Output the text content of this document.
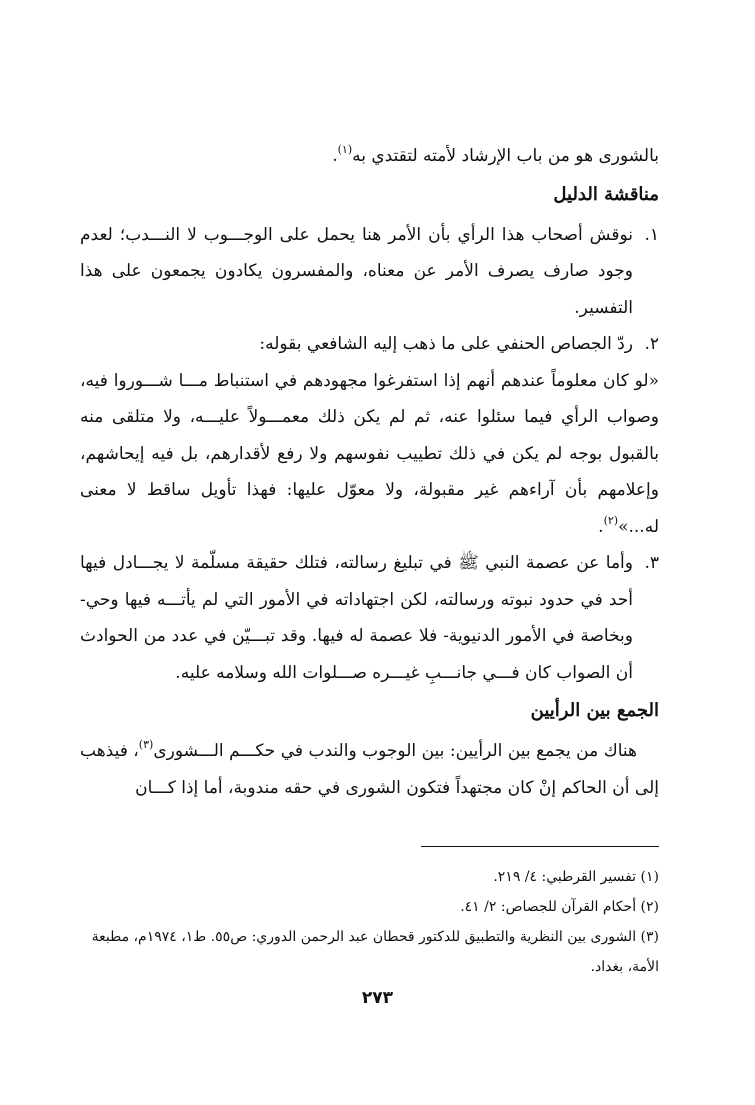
بالشورى هو من باب الإرشاد لأمته لتقتدي به$^{(١)}$.

مناقشة الدليل
١.
نوقش أصحاب هذا الرأي بأن الأمر هنا يحمل على الوجـــوب لا النـــدب؛ لعدم وجود صارف يصرف الأمر عن معناه، والمفسرون يكادون يجمعون على هذا التفسير.
٢.
ردّ الجصاص الحنفي على ما ذهب إليه الشافعي بقوله:

«لو كان معلوماً عندهم أنهم إذا استفرغوا مجهودهم في استنباط مـــا شـــوروا فيه، وصواب الرأي فيما سئلوا عنه، ثم لم يكن ذلك معمـــولاً عليـــه، ولا متلقى منه بالقبول بوجه لم يكن في ذلك تطييب نفوسهم ولا رفع لأقدارهم، بل فيه إيحاشهم، وإعلامهم بأن آراءهم غير مقبولة، ولا معوّل عليها: فهذا تأويل ساقط لا معنى له...»$^{(٢)}$.

٣.
وأما عن عصمة النبي ﷺ في تبليغ رسالته، فتلك حقيقة مسلّمة لا يجـــادل فيها أحد في حدود نبوته ورسالته، لكن اجتهاداته في الأمور التي لم يأتـــه فيها وحي- وبخاصة في الأمور الدنيوية- فلا عصمة له فيها. وقد تبـــيّن في عدد من الحوادث أن الصواب كان فـــي جانـــبِ غيـــره صـــلوات الله وسلامه عليه.
الجمع بين الرأيين

هناك من يجمع بين الرأيين: بين الوجوب والندب في حكـــم الـــشورى$^{(٣)}$، فيذهب إلى أن الحاكم إنْ كان مجتهداً فتكون الشورى في حقه مندوبة، أما إذا كـــان

(١) تفسير القرطبي: ٤/ ٢١٩.

(٢) أحكام القرآن للجصاص: ٢/ ٤١.

(٣) الشورى بين النظرية والتطبيق للدكتور قحطان عبد الرحمن الدوري: ص٥٥. ط١، ١٩٧٤م، مطبعة الأمة، بغداد.

٢٧٣
